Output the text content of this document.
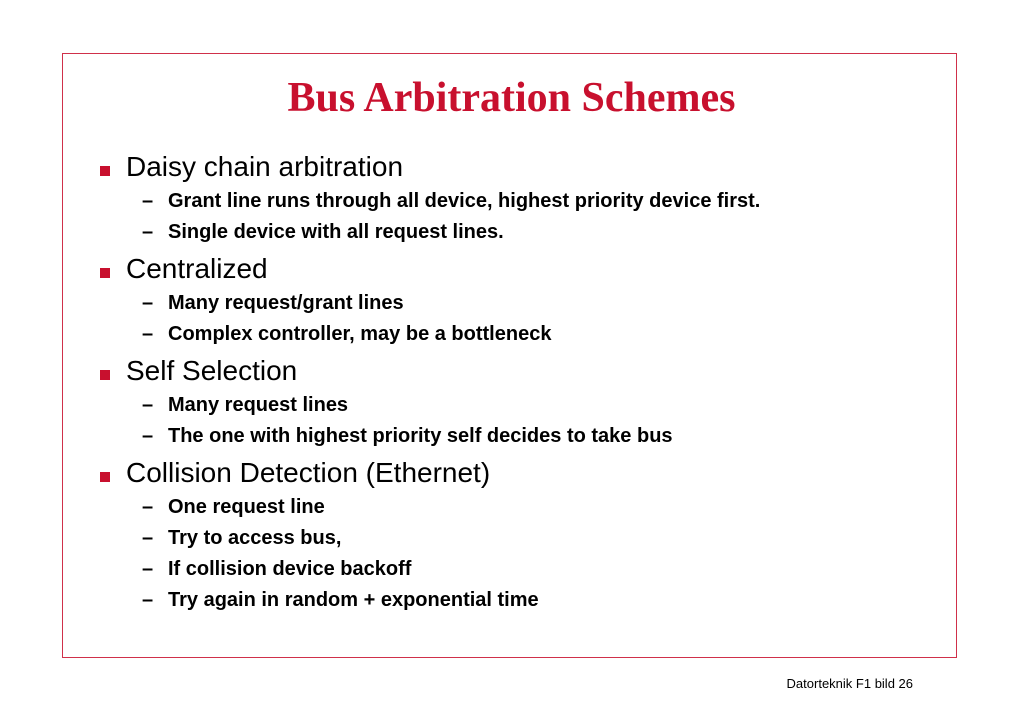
Bus Arbitration Schemes
Daisy chain arbitration
– Grant line runs through all device, highest priority device first.
– Single device with all request lines.
Centralized
– Many request/grant lines
– Complex controller, may be a bottleneck
Self Selection
– Many request lines
– The one with highest priority self decides to take bus
Collision Detection (Ethernet)
– One request line
– Try to access bus,
– If collision device backoff
– Try again in random + exponential time
Datorteknik F1 bild 26
